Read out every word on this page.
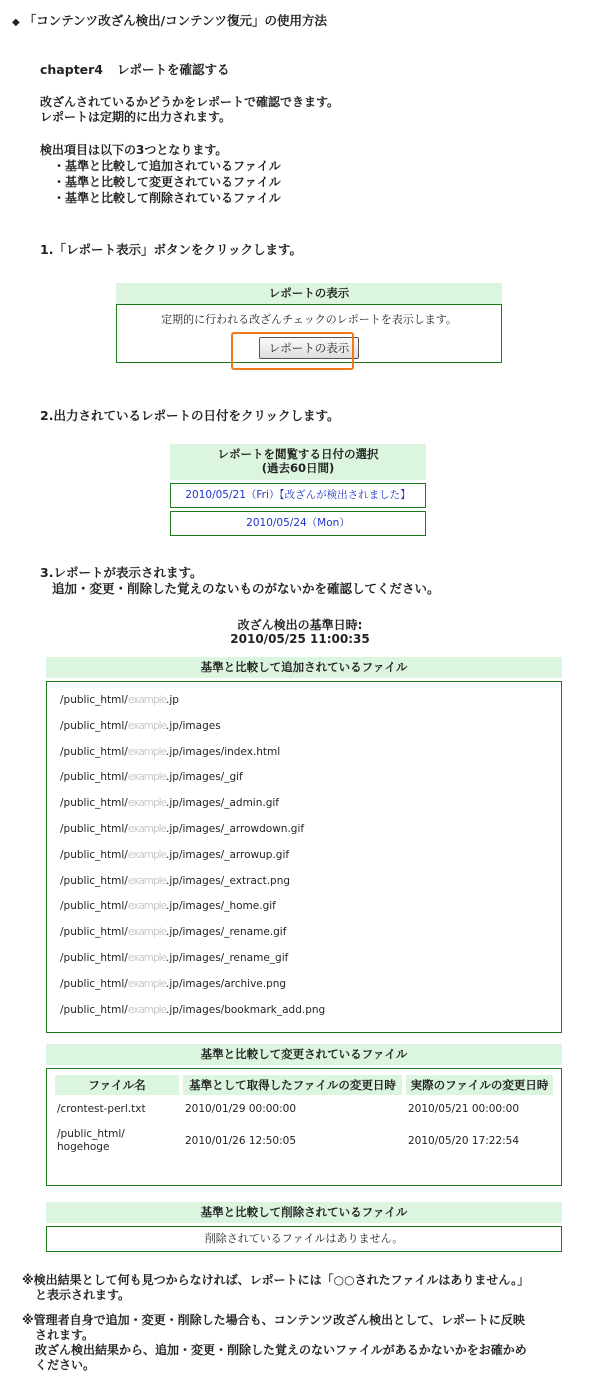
◆ 「コンテンツ改ざん検出/コンテンツ復元」の使用方法
chapter4 レポートを確認する
改ざんされているかどうかをレポートで確認できます。
レポートは定期的に出力されます。
検出項目は以下の3つとなります。
・基準と比較して追加されているファイル
・基準と比較して変更されているファイル
・基準と比較して削除されているファイル
1.「レポート表示」ボタンをクリックします。
レポートの表示
定期的に行われる改ざんチェックのレポートを表示します。
レポートの表示
2.出力されているレポートの日付をクリックします。
レポートを閲覧する日付の選択
(過去60日間)
2010/05/21（Fri）【改ざんが検出されました】
2010/05/24（Mon）
3.レポートが表示されます。
追加・変更・削除した覚えのないものがないかを確認してください。
改ざん検出の基準日時:
2010/05/25 11:00:35
基準と比較して追加されているファイル
/public_html/example.jp
/public_html/example.jp/images
/public_html/example.jp/images/index.html
/public_html/example.jp/images/_gif
/public_html/example.jp/images/_admin.gif
/public_html/example.jp/images/_arrowdown.gif
/public_html/example.jp/images/_arrowup.gif
/public_html/example.jp/images/_extract.png
/public_html/example.jp/images/_home.gif
/public_html/example.jp/images/_rename.gif
/public_html/example.jp/images/_rename_gif
/public_html/example.jp/images/archive.png
/public_html/example.jp/images/bookmark_add.png
基準と比較して変更されているファイル
ファイル名	基準として取得したファイルの変更日時	実際のファイルの変更日時
/crontest-perl.txt	2010/01/29 00:00:00	2010/05/21 00:00:00
/public_html/
hogehoge	2010/01/26 12:50:05	2010/05/20 17:22:54
基準と比較して削除されているファイル
削除されているファイルはありません。
※検出結果として何も見つからなければ、レポートには「○○されたファイルはありません。」
と表示されます。
※管理者自身で追加・変更・削除した場合も、コンテンツ改ざん検出として、レポートに反映
されます。
改ざん検出結果から、追加・変更・削除した覚えのないファイルがあるかないかをお確かめ
ください。
